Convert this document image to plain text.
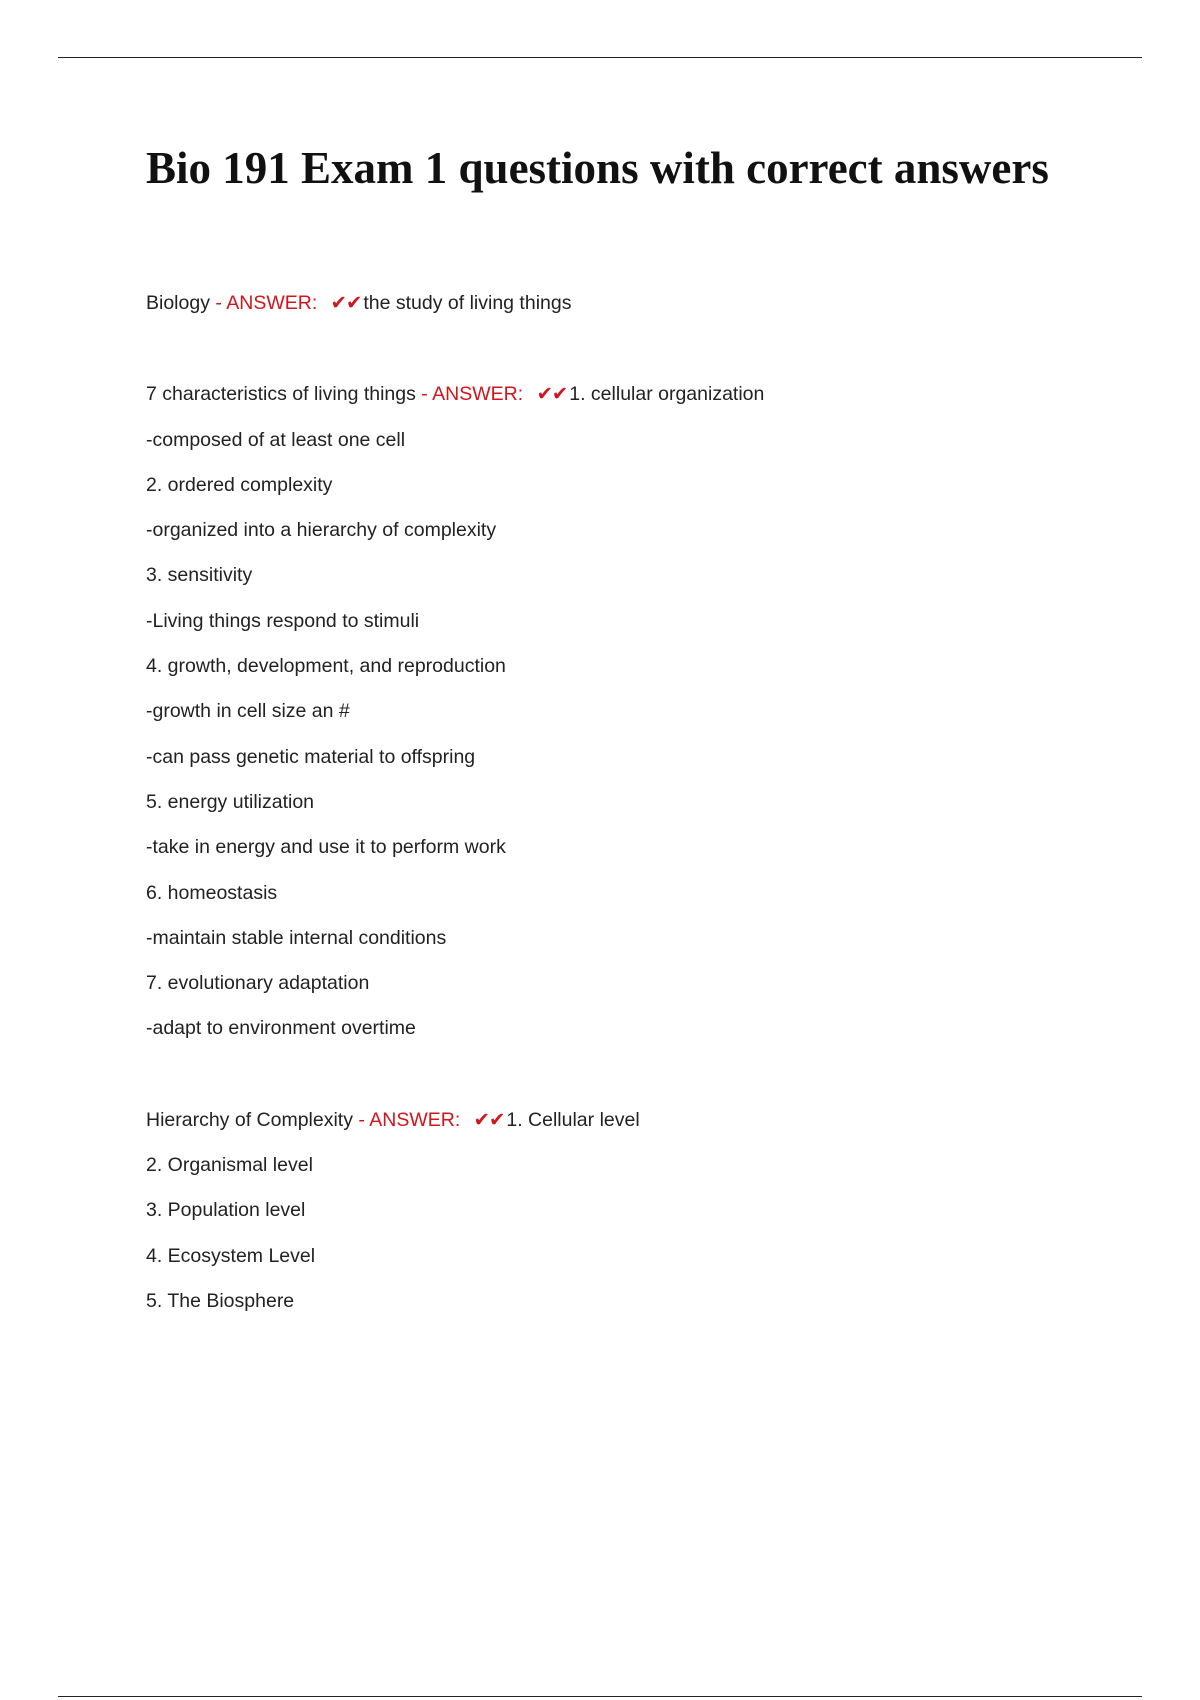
Bio 191 Exam 1 questions with correct answers
Biology - ANSWER: ✔✔ the study of living things
7 characteristics of living things - ANSWER: ✔✔ 1. cellular organization
-composed of at least one cell
2. ordered complexity
-organized into a hierarchy of complexity
3. sensitivity
-Living things respond to stimuli
4. growth, development, and reproduction
-growth in cell size an #
-can pass genetic material to offspring
5. energy utilization
-take in energy and use it to perform work
6. homeostasis
-maintain stable internal conditions
7. evolutionary adaptation
-adapt to environment overtime
Hierarchy of Complexity - ANSWER: ✔✔ 1. Cellular level
2. Organismal level
3. Population level
4. Ecosystem Level
5. The Biosphere
